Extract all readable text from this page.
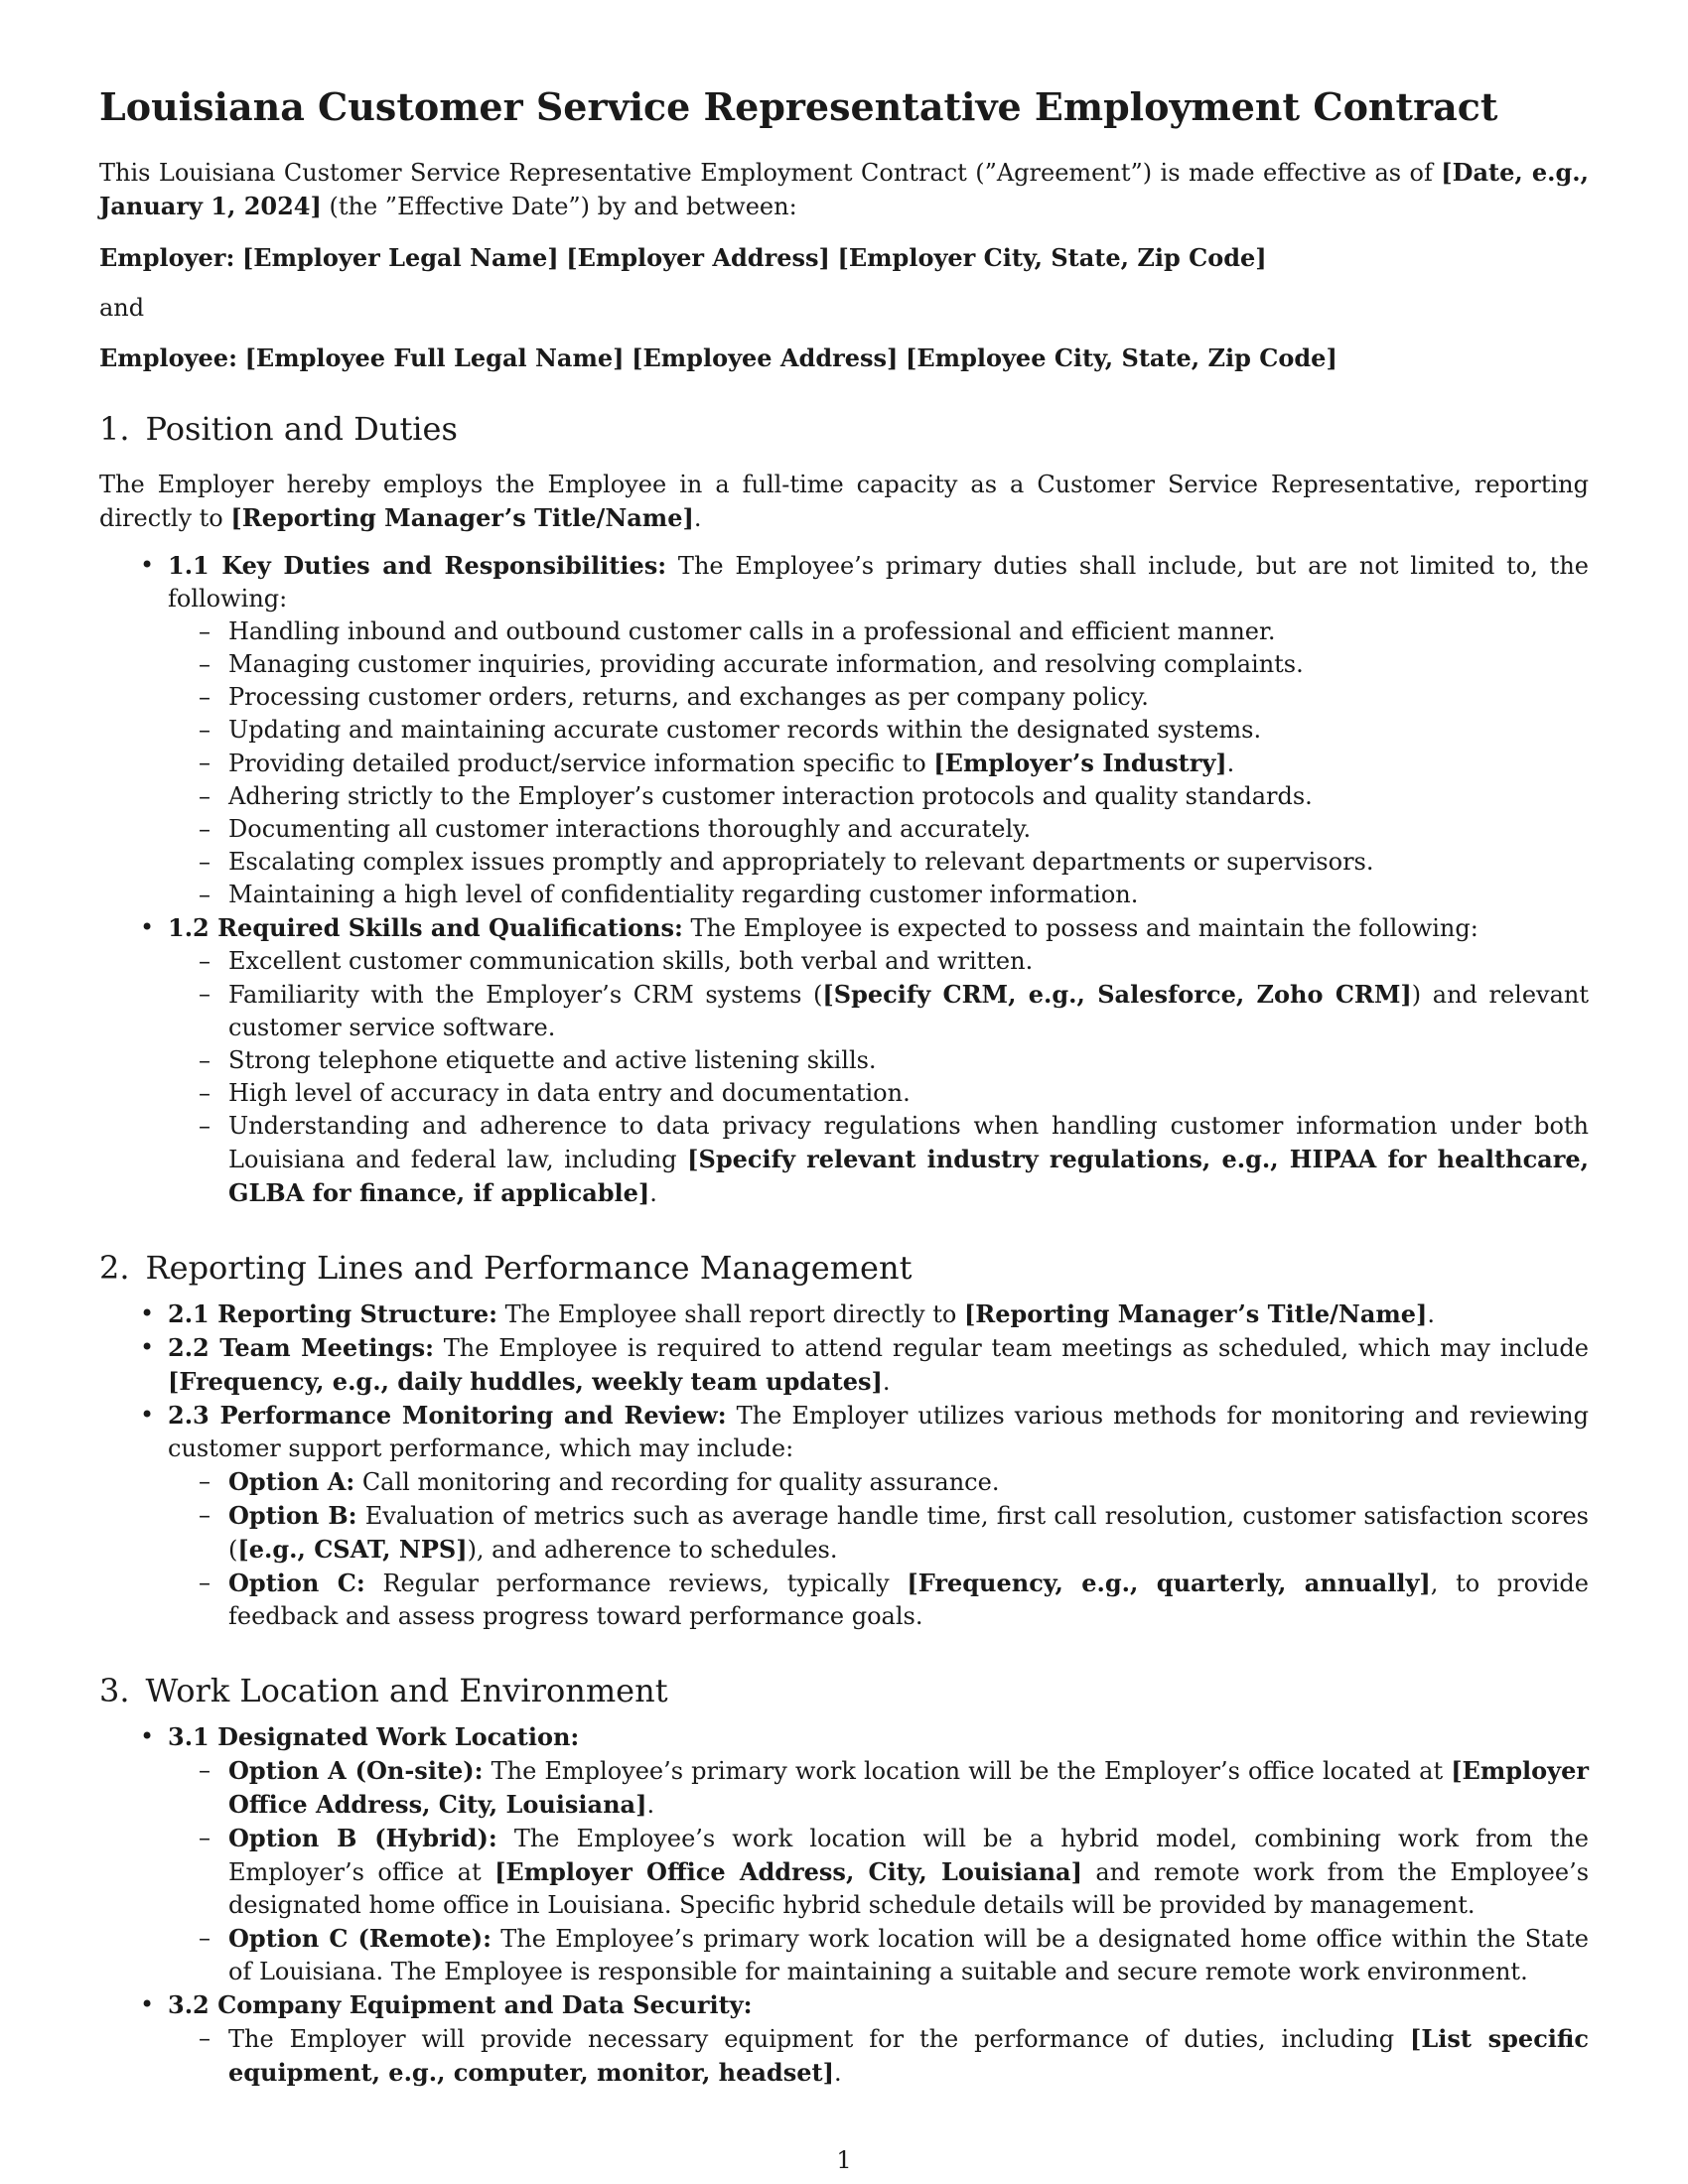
Louisiana Customer Service Representative Employment Contract

This Louisiana Customer Service Representative Employment Contract (”Agreement”) is made effective as of [Date, e.g., January 1, 2024] (the ”Effective Date”) by and between:

Employer: [Employer Legal Name] [Employer Address] [Employer City, State, Zip Code]

and

Employee: [Employee Full Legal Name] [Employee Address] [Employee City, State, Zip Code]

1. Position and Duties

The Employer hereby employs the Employee in a full-time capacity as a Customer Service Representative, reporting directly to [Reporting Manager’s Title/Name].

• 1.1 Key Duties and Responsibilities: The Employee’s primary duties shall include, but are not limited to, the following:
– Handling inbound and outbound customer calls in a professional and efficient manner.
– Managing customer inquiries, providing accurate information, and resolving complaints.
– Processing customer orders, returns, and exchanges as per company policy.
– Updating and maintaining accurate customer records within the designated systems.
– Providing detailed product/service information specific to [Employer’s Industry].
– Adhering strictly to the Employer’s customer interaction protocols and quality standards.
– Documenting all customer interactions thoroughly and accurately.
– Escalating complex issues promptly and appropriately to relevant departments or supervisors.
– Maintaining a high level of confidentiality regarding customer information.
• 1.2 Required Skills and Qualifications: The Employee is expected to possess and maintain the following:
– Excellent customer communication skills, both verbal and written.
– Familiarity with the Employer’s CRM systems ([Specify CRM, e.g., Salesforce, Zoho CRM]) and relevant customer service software.
– Strong telephone etiquette and active listening skills.
– High level of accuracy in data entry and documentation.
– Understanding and adherence to data privacy regulations when handling customer information under both Louisiana and federal law, including [Specify relevant industry regulations, e.g., HIPAA for healthcare, GLBA for finance, if applicable].
2. Reporting Lines and Performance Management
• 2.1 Reporting Structure: The Employee shall report directly to [Reporting Manager’s Title/Name].
• 2.2 Team Meetings: The Employee is required to attend regular team meetings as scheduled, which may include [Frequency, e.g., daily huddles, weekly team updates].
• 2.3 Performance Monitoring and Review: The Employer utilizes various methods for monitoring and reviewing customer support performance, which may include:
– Option A: Call monitoring and recording for quality assurance.
– Option B: Evaluation of metrics such as average handle time, first call resolution, customer satisfaction scores ([e.g., CSAT, NPS]), and adherence to schedules.
– Option C: Regular performance reviews, typically [Frequency, e.g., quarterly, annually], to provide feedback and assess progress toward performance goals.
3. Work Location and Environment
• 3.1 Designated Work Location:
– Option A (On-site): The Employee’s primary work location will be the Employer’s office located at [Employer Office Address, City, Louisiana].
– Option B (Hybrid): The Employee’s work location will be a hybrid model, combining work from the Employer’s office at [Employer Office Address, City, Louisiana] and remote work from the Employee’s designated home office in Louisiana. Specific hybrid schedule details will be provided by management.
– Option C (Remote): The Employee’s primary work location will be a designated home office within the State of Louisiana. The Employee is responsible for maintaining a suitable and secure remote work environment.
• 3.2 Company Equipment and Data Security:
– The Employer will provide necessary equipment for the performance of duties, including [List specific equipment, e.g., computer, monitor, headset].
1
